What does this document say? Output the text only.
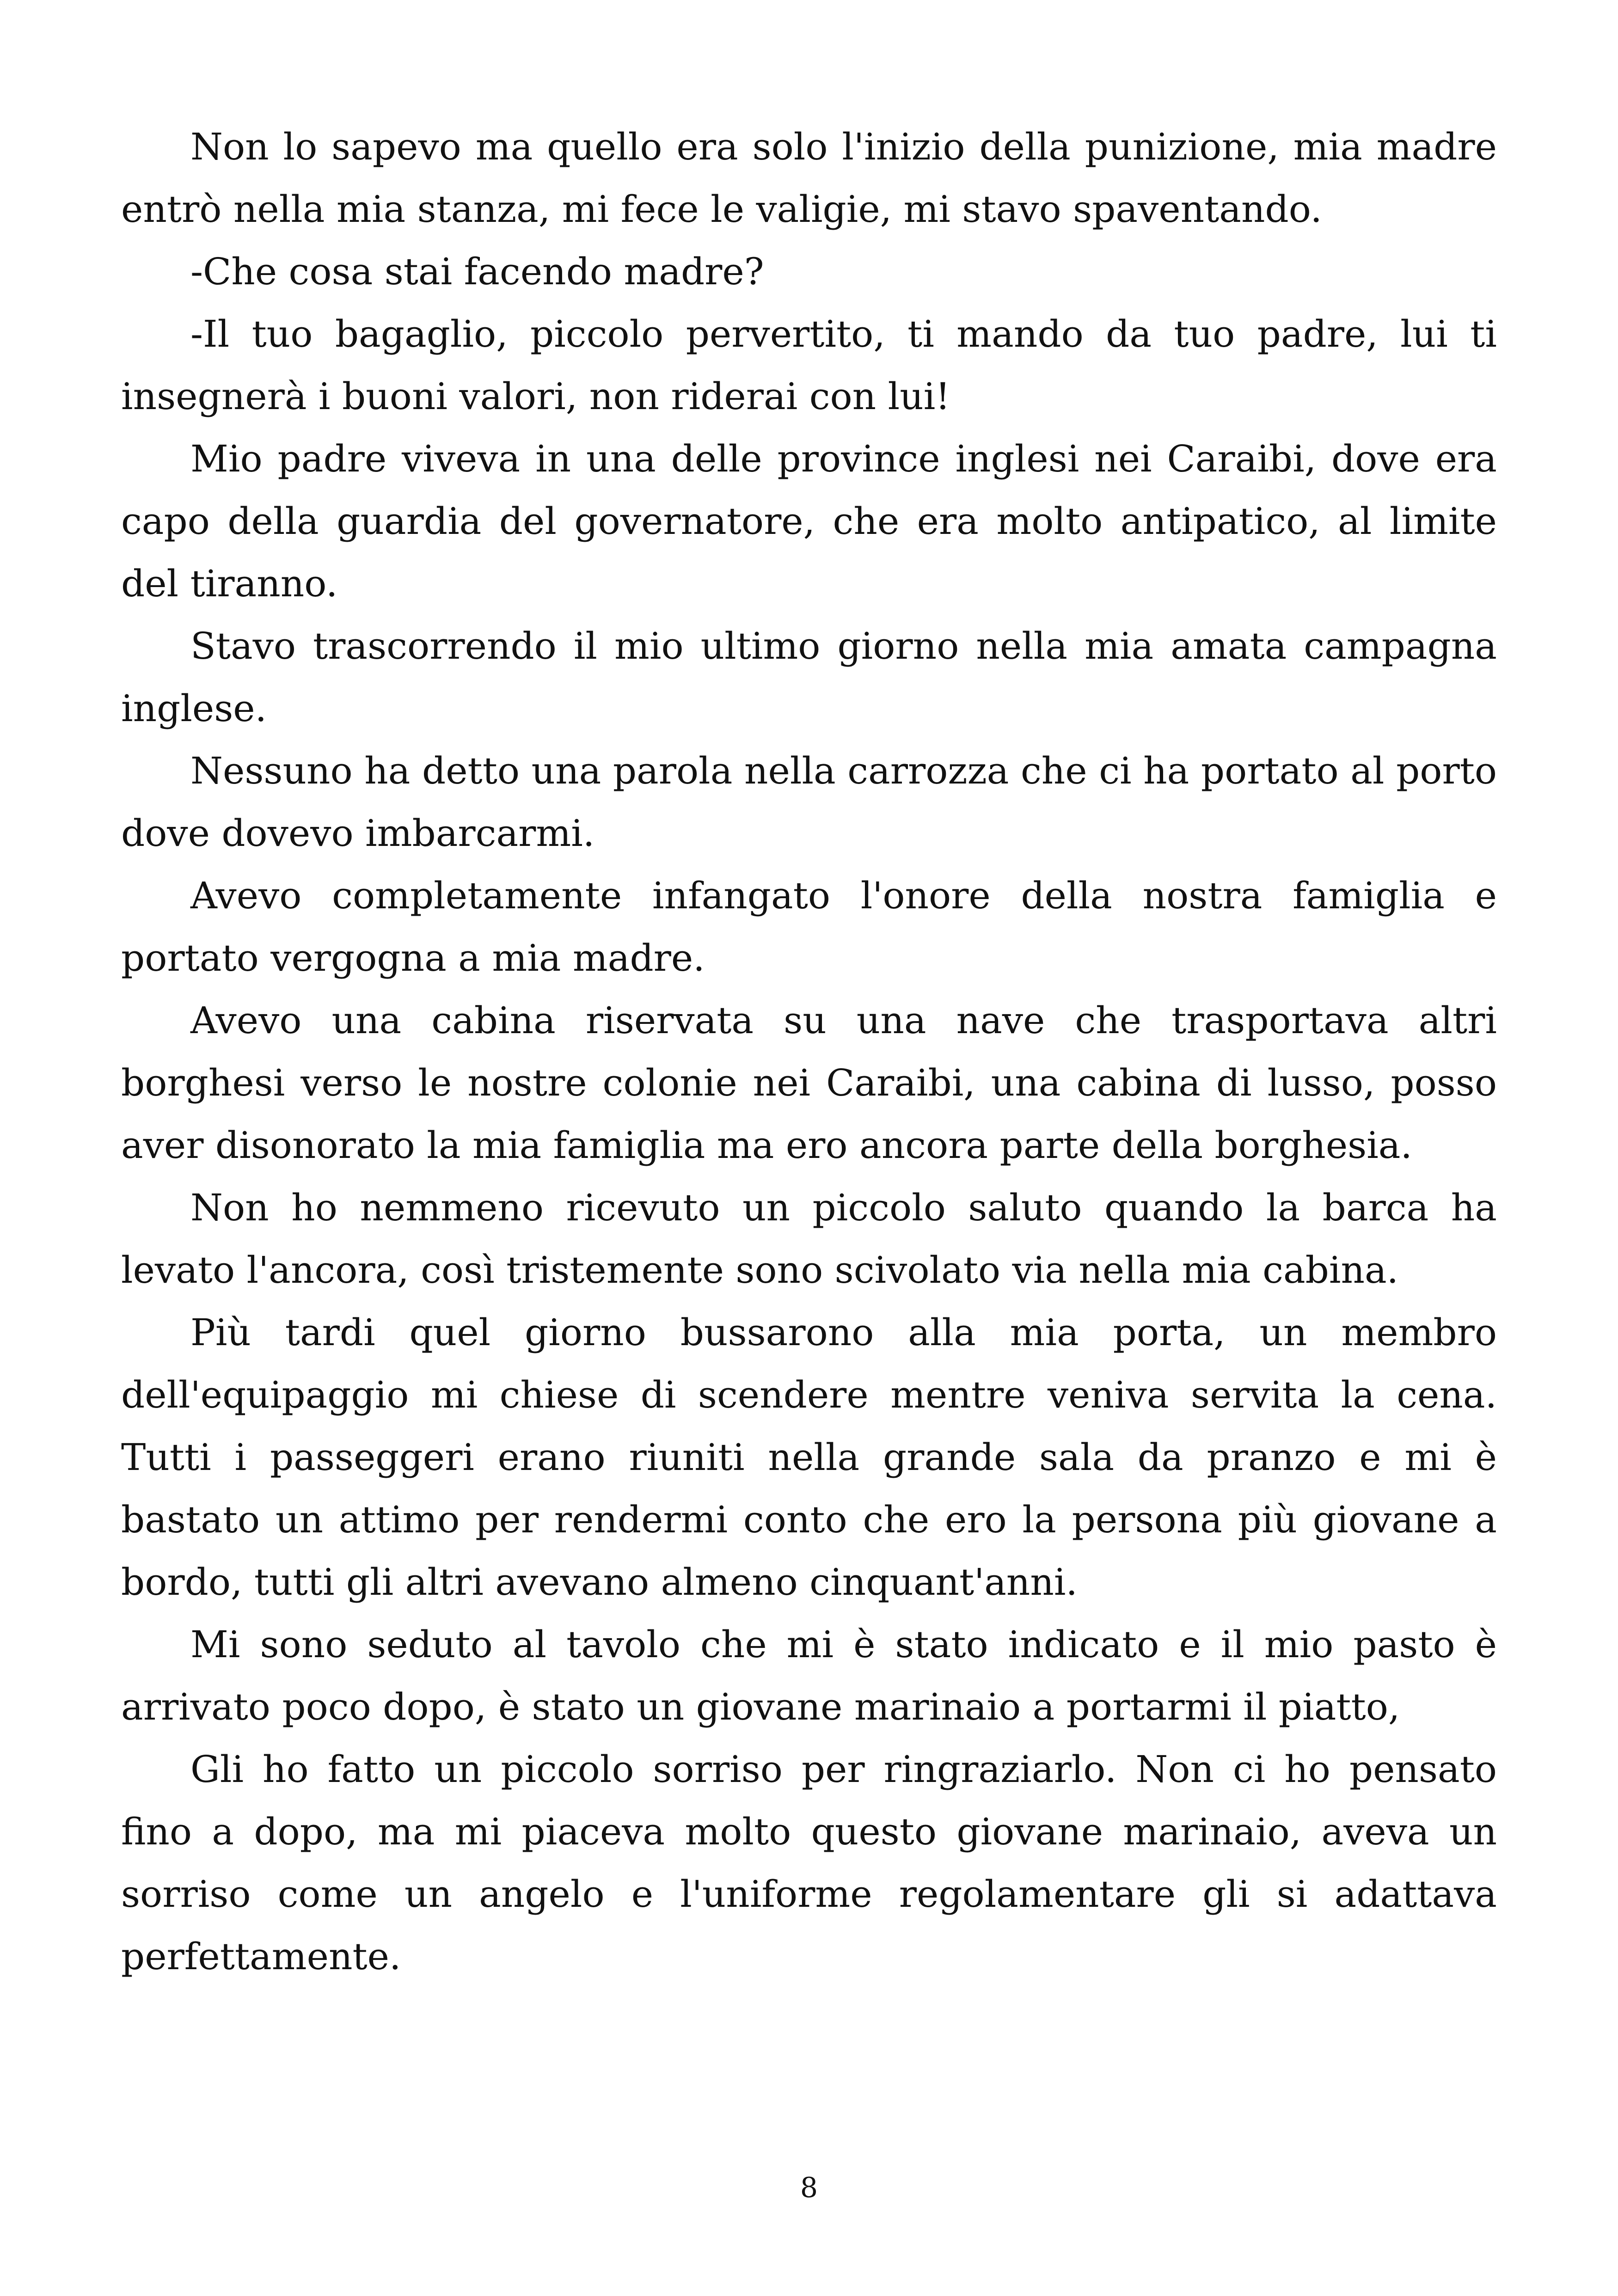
Non lo sapevo ma quello era solo l'inizio della punizione, mia madre entrò nella mia stanza, mi fece le valigie, mi stavo spaventando.

-Che cosa stai facendo madre?

-Il tuo bagaglio, piccolo pervertito, ti mando da tuo padre, lui ti insegnerà i buoni valori, non riderai con lui!

Mio padre viveva in una delle province inglesi nei Caraibi, dove era capo della guardia del governatore, che era molto antipatico, al limite del tiranno.

Stavo trascorrendo il mio ultimo giorno nella mia amata campagna inglese.

Nessuno ha detto una parola nella carrozza che ci ha portato al porto dove dovevo imbarcarmi.

Avevo completamente infangato l'onore della nostra famiglia e portato vergogna a mia madre.

Avevo una cabina riservata su una nave che trasportava altri borghesi verso le nostre colonie nei Caraibi, una cabina di lusso, posso aver disonorato la mia famiglia ma ero ancora parte della borghesia.

Non ho nemmeno ricevuto un piccolo saluto quando la barca ha levato l'ancora, così tristemente sono scivolato via nella mia cabina.

Più tardi quel giorno bussarono alla mia porta, un membro dell'equipaggio mi chiese di scendere mentre veniva servita la cena. Tutti i passeggeri erano riuniti nella grande sala da pranzo e mi è bastato un attimo per rendermi conto che ero la persona più giovane a bordo, tutti gli altri avevano almeno cinquant'anni.

Mi sono seduto al tavolo che mi è stato indicato e il mio pasto è arrivato poco dopo, è stato un giovane marinaio a portarmi il piatto,

Gli ho fatto un piccolo sorriso per ringraziarlo. Non ci ho pensato fino a dopo, ma mi piaceva molto questo giovane marinaio, aveva un sorriso come un angelo e l'uniforme regolamentare gli si adattava perfettamente.

8
